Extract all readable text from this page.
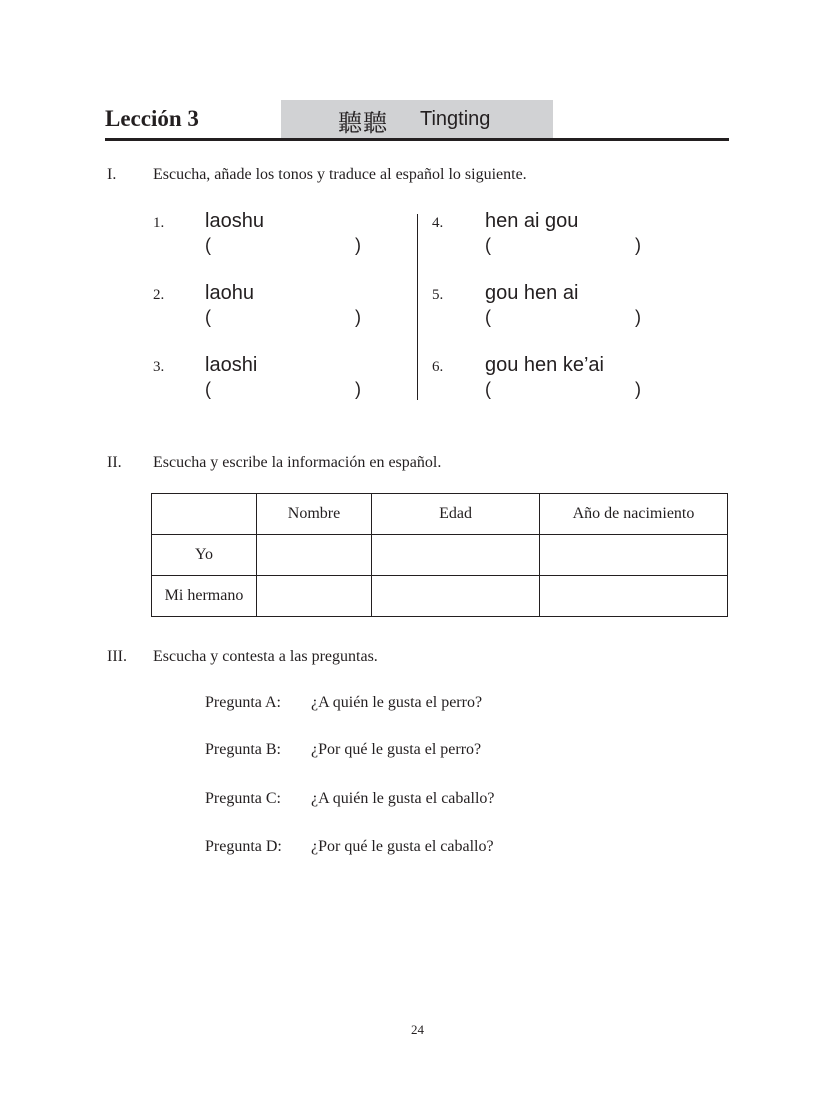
Lección 3	聽聽 Tingting
I. Escucha, añade los tonos y traduce al español lo siguiente.
1. laoshu
(	)
2. laohu
(	)
3. laoshi
(	)
4. hen ai gou
(	)
5. gou hen ai
(	)
6. gou hen ke’ai
(	)
II. Escucha y escribe la información en español.
	Nombre	Edad	Año de nacimiento
Yo			
Mi hermano			
III. Escucha y contesta a las preguntas.
Pregunta A: ¿A quién le gusta el perro?
Pregunta B: ¿Por qué le gusta el perro?
Pregunta C: ¿A quién le gusta el caballo?
Pregunta D: ¿Por qué le gusta el caballo?
24
